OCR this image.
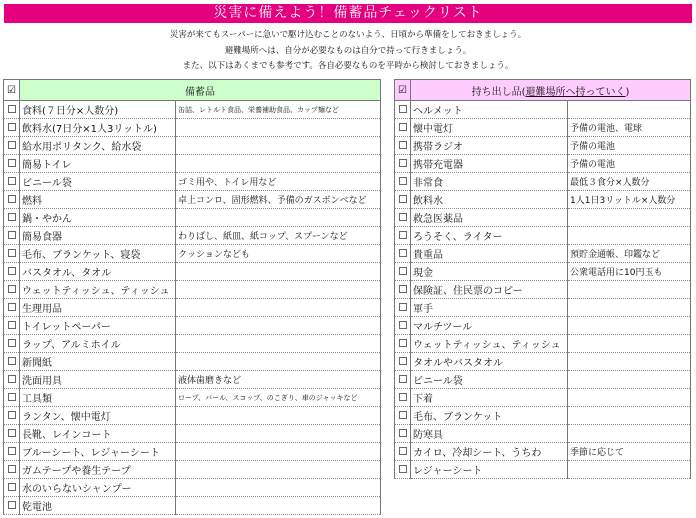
災害に備えよう！備蓄品チェックリスト
災害が来てもスーパーに急いで駆け込むことのないよう、日頃から準備をしておきましょう。
避難場所へは、自分が必要なものは自分で持って行きましょう。
また、以下はあくまでも参考です。各自必要なものを平時から検討しておきましょう。
☑	備蓄品	
	食料(７日分×人数分)	缶詰、レトルト食品、栄養補助食品、カップ麺など
	飲料水(7日分×1人3リットル)	
	給水用ポリタンク、給水袋	
	簡易トイレ	
	ビニール袋	ゴミ用や、トイレ用など
	燃料	卓上コンロ、固形燃料、予備のガスボンベなど
	鍋・やかん	
	簡易食器	わりばし、紙皿、紙コップ、スプーンなど
	毛布、ブランケット、寝袋	クッションなども
	バスタオル、タオル	
	ウェットティッシュ、ティッシュ	
	生理用品	
	トイレットペーパー	
	ラップ、アルミホイル	
	新聞紙	
	洗面用具	液体歯磨きなど
	工具類	ロープ、バール、スコップ、のこぎり、車のジャッキなど
	ランタン、懐中電灯	
	長靴、レインコート	
	ブルーシート、レジャーシート	
	ガムテープや養生テープ	
	水のいらないシャンプー	
	乾電池	
☑	持ち出し品(避難場所へ持っていく)	
	ヘルメット	
	懐中電灯	予備の電池、電球
	携帯ラジオ	予備の電池
	携帯充電器	予備の電池
	非常食	最低３食分×人数分
	飲料水	1人1日3リットル×人数分
	救急医薬品	
	ろうそく、ライター	
	貴重品	預貯金通帳、印鑑など
	現金	公衆電話用に10円玉も
	保険証、住民票のコピー	
	軍手	
	マルチツール	
	ウェットティッシュ、ティッシュ	
	タオルやバスタオル	
	ビニール袋	
	下着	
	毛布、ブランケット	
	防寒具	
	カイロ、冷却シート、うちわ	季節に応じて
	レジャーシート	
